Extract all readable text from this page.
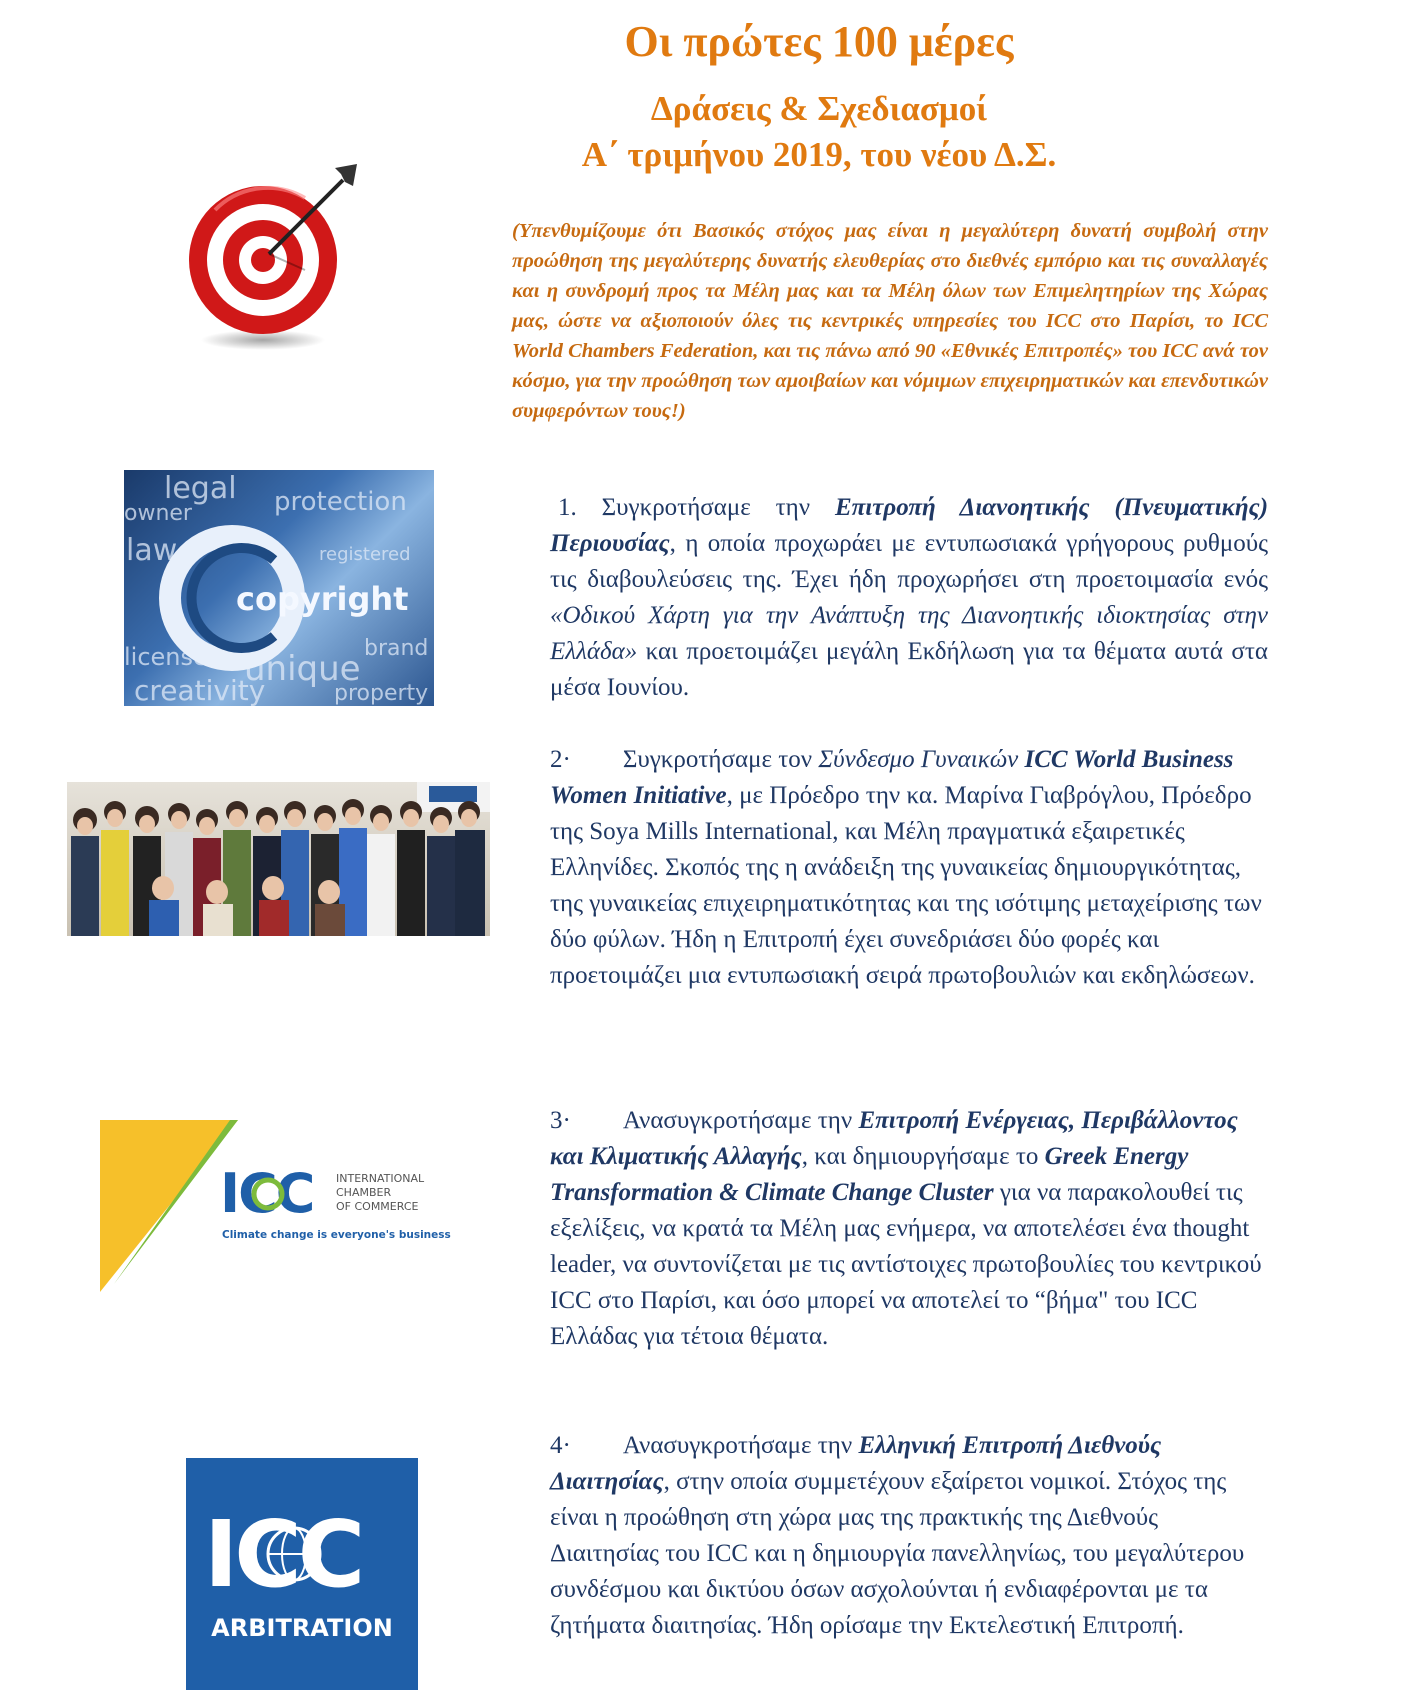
Οι πρώτες 100 μέρες
Δράσεις & Σχεδιασμοί
Α΄ τριμήνου 2019, του νέου Δ.Σ.
(Υπενθυμίζουμε ότι Βασικός στόχος μας είναι η μεγαλύτερη δυνατή συμβολή στην προώθηση της μεγαλύτερης δυνατής ελευθερίας στο διεθνές εμπόριο και τις συναλλαγές και η συνδρομή προς τα Μέλη μας και τα Μέλη όλων των Επιμελητηρίων της Χώρας μας, ώστε να αξιοποιούν όλες τις κεντρικές υπηρεσίες του ICC στο Παρίσι, το ICC World Chambers Federation, και τις πάνω από 90 «Εθνικές Επιτροπές» του ICC ανά τον κόσμο, για την προώθηση των αμοιβαίων και νόμιμων επιχειρηματικών και επενδυτικών συμφερόντων τους!)
legal protection
owner
law	registered
brand
license
creativity
unique
property
copyright
ICC INTERNATIONAL
CHAMBER
OF COMMERCE
Climate change is everyone's business
ICC
ARBITRATION
1. Συγκροτήσαμε την Επιτροπή Διανοητικής (Πνευματικής) Περιουσίας, η οποία προχωράει με εντυπωσιακά γρήγορους ρυθμούς τις διαβουλεύσεις της. Έχει ήδη προχωρήσει στη προετοιμασία ενός «Οδικού Χάρτη για την Ανάπτυξη της Διανοητικής ιδιοκτησίας στην Ελλάδα» και προετοιμάζει μεγάλη Εκδήλωση για τα θέματα αυτά στα μέσα Ιουνίου.
2· Συγκροτήσαμε τον Σύνδεσμο Γυναικών ICC World Business Women Initiative, με Πρόεδρο την κα. Μαρίνα Γιαβρόγλου, Πρόεδρο της Soya Mills International, και Μέλη πραγματικά εξαιρετικές Ελληνίδες. Σκοπός της η ανάδειξη της γυναικείας δημιουργικότητας, της γυναικείας επιχειρηματικότητας και της ισότιμης μεταχείρισης των δύο φύλων. Ήδη η Επιτροπή έχει συνεδριάσει δύο φορές και προετοιμάζει μια εντυπωσιακή σειρά πρωτοβουλιών και εκδηλώσεων.
3· Ανασυγκροτήσαμε την Επιτροπή Ενέργειας, Περιβάλλοντος και Κλιματικής Αλλαγής, και δημιουργήσαμε το Greek Energy Transformation & Climate Change Cluster για να παρακολουθεί τις εξελίξεις, να κρατά τα Μέλη μας ενήμερα, να αποτελέσει ένα thought leader, να συντονίζεται με τις αντίστοιχες πρωτοβουλίες του κεντρικού ICC στο Παρίσι, και όσο μπορεί να αποτελεί το “βήμα" του ICC Ελλάδας για τέτοια θέματα.
4· Ανασυγκροτήσαμε την Ελληνική Επιτροπή Διεθνούς Διαιτησίας, στην οποία συμμετέχουν εξαίρετοι νομικοί. Στόχος της είναι η προώθηση στη χώρα μας της πρακτικής της Διεθνούς Διαιτησίας του ICC και η δημιουργία πανελληνίως, του μεγαλύτερου συνδέσμου και δικτύου όσων ασχολούνται ή ενδιαφέρονται με τα ζητήματα διαιτησίας. Ήδη ορίσαμε την Εκτελεστική Επιτροπή.
